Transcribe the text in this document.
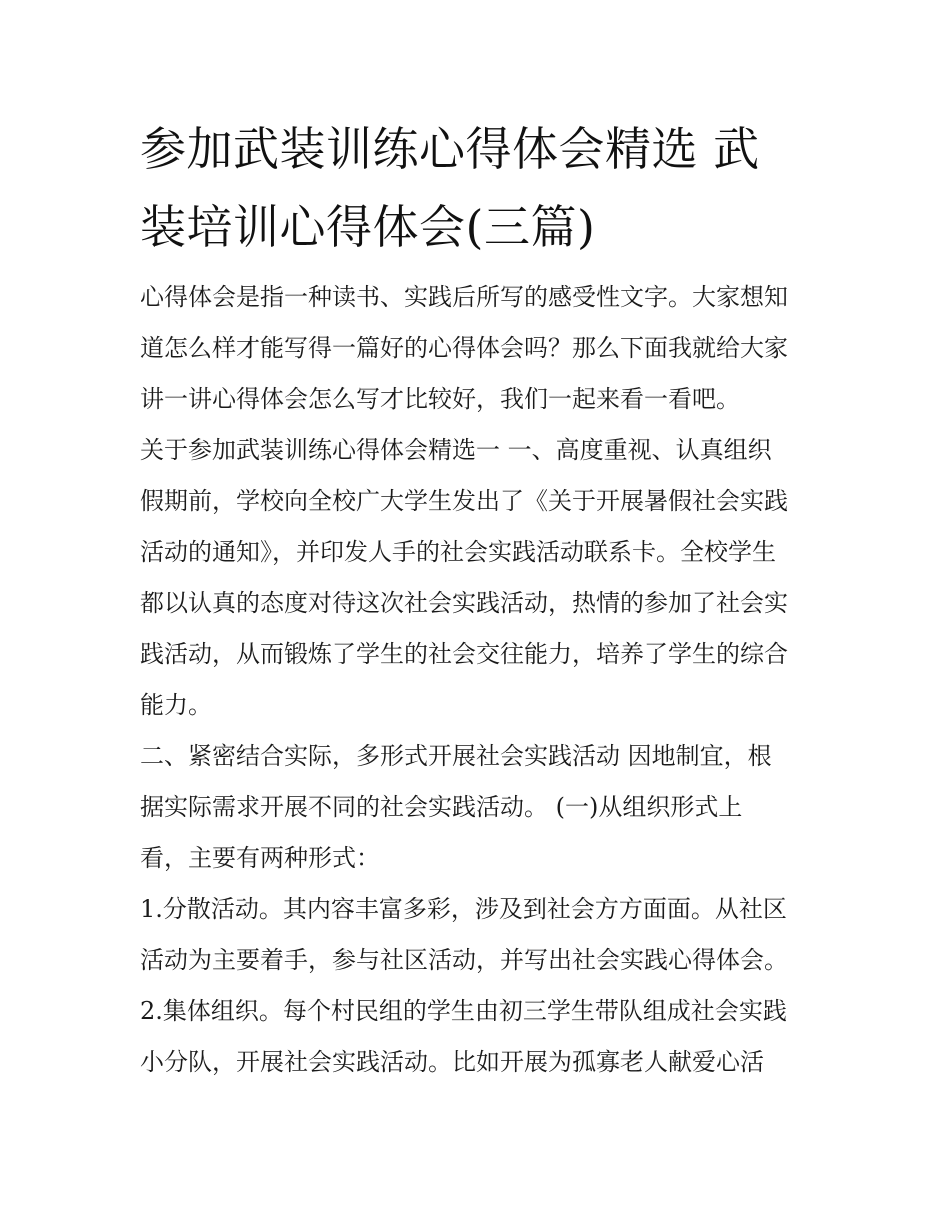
参加武装训练心得体会精选 武
装培训心得体会(三篇)
心得体会是指一种读书、实践后所写的感受性文字。大家想知
道怎么样才能写得一篇好的心得体会吗？那么下面我就给大家
讲一讲心得体会怎么写才比较好，我们一起来看一看吧。
关于参加武装训练心得体会精选一 一、高度重视、认真组织
假期前，学校向全校广大学生发出了《关于开展暑假社会实践
活动的通知》，并印发人手的社会实践活动联系卡。全校学生
都以认真的态度对待这次社会实践活动，热情的参加了社会实
践活动，从而锻炼了学生的社会交往能力，培养了学生的综合
能力。
二、紧密结合实际，多形式开展社会实践活动 因地制宜，根
据实际需求开展不同的社会实践活动。 (一)从组织形式上
看，主要有两种形式：
1.分散活动。其内容丰富多彩，涉及到社会方方面面。从社区
活动为主要着手，参与社区活动，并写出社会实践心得体会。
2.集体组织。每个村民组的学生由初三学生带队组成社会实践
小分队，开展社会实践活动。比如开展为孤寡老人献爱心活
